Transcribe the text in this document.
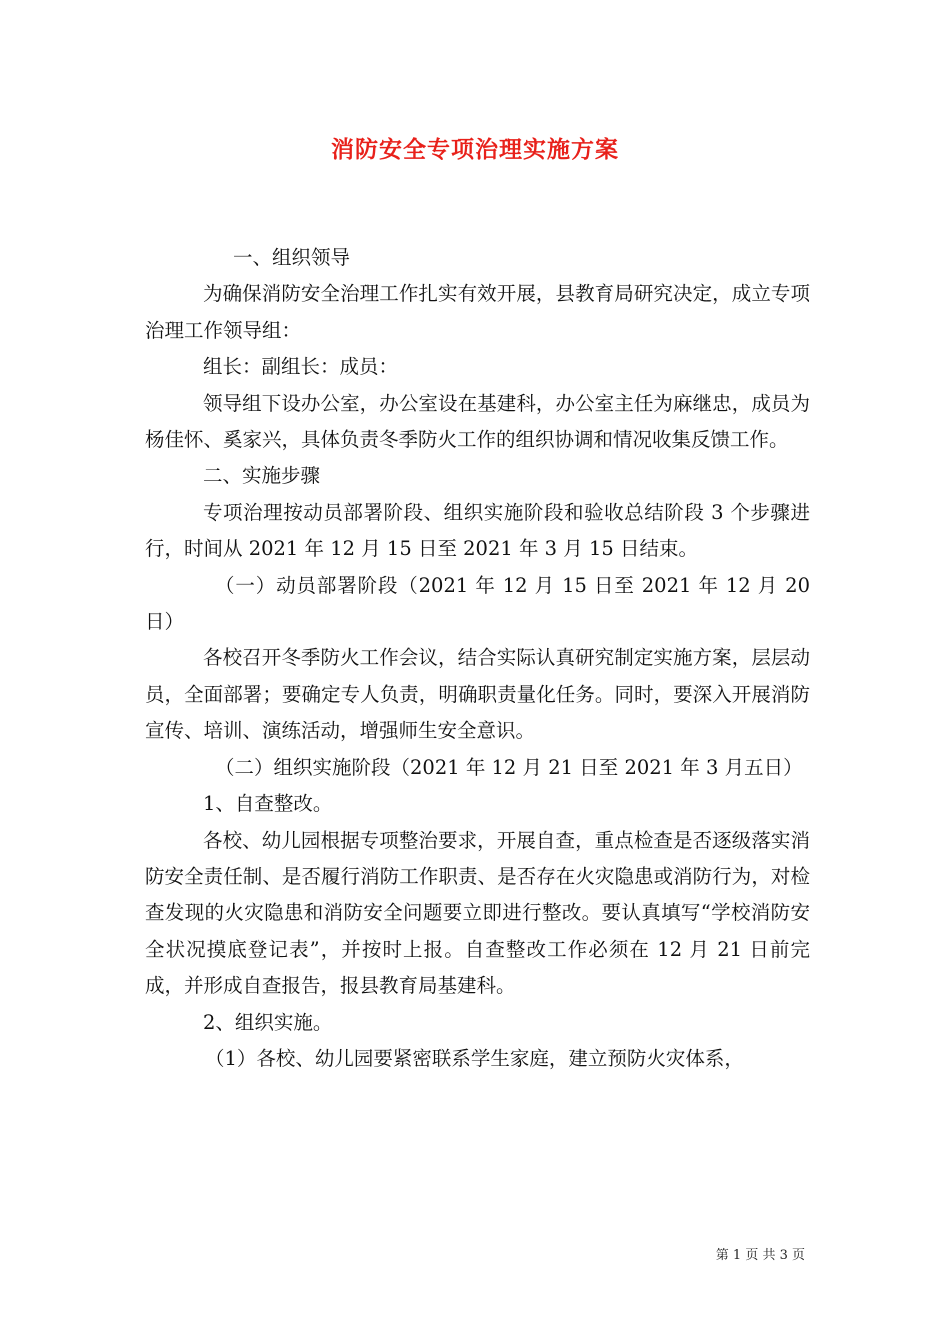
消防安全专项治理实施方案

一、组织领导

为确保消防安全治理工作扎实有效开展，县教育局研究决定，成立专项治理工作领导组：

组长：副组长：成员：

领导组下设办公室，办公室设在基建科，办公室主任为麻继忠，成员为杨佳怀、奚家兴，具体负责冬季防火工作的组织协调和情况收集反馈工作。

二、实施步骤

专项治理按动员部署阶段、组织实施阶段和验收总结阶段 3 个步骤进行，时间从 2021 年 12 月 15 日至 2021 年 3 月 15 日结束。

（一）动员部署阶段（2021 年 12 月 15 日至 2021 年 12 月 20 日）

各校召开冬季防火工作会议，结合实际认真研究制定实施方案，层层动员，全面部署；要确定专人负责，明确职责量化任务。同时，要深入开展消防宣传、培训、演练活动，增强师生安全意识。

（二）组织实施阶段（2021 年 12 月 21 日至 2021 年 3 月五日）

1、自查整改。

各校、幼儿园根据专项整治要求，开展自查，重点检查是否逐级落实消防安全责任制、是否履行消防工作职责、是否存在火灾隐患或消防行为，对检查发现的火灾隐患和消防安全问题要立即进行整改。要认真填写“学校消防安全状况摸底登记表”，并按时上报。自查整改工作必须在 12 月 21 日前完成，并形成自查报告，报县教育局基建科。

2、组织实施。

（1）各校、幼儿园要紧密联系学生家庭，建立预防火灾体系，

第 1 页 共 3 页
